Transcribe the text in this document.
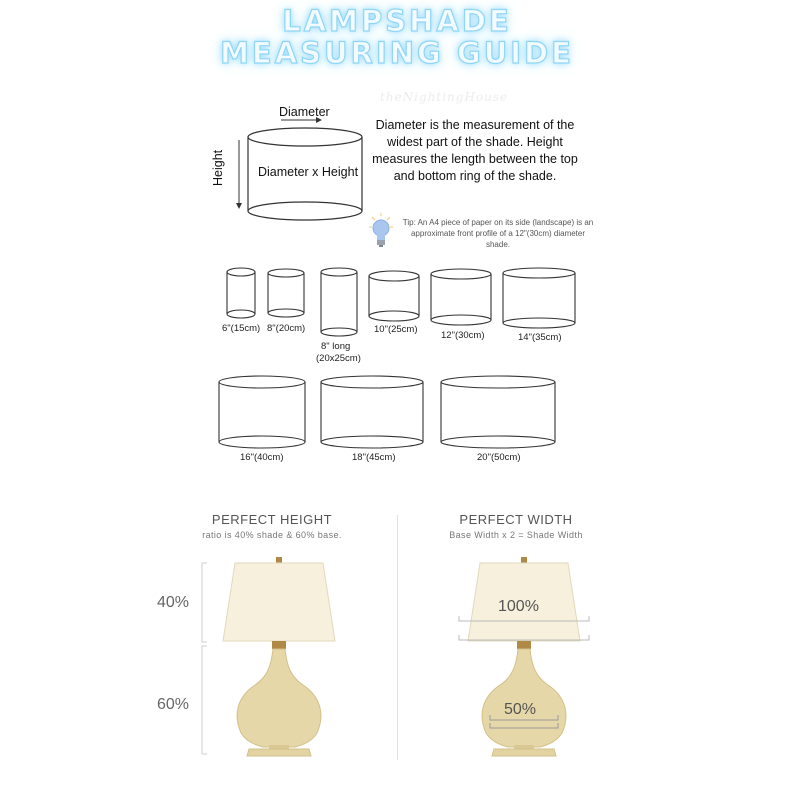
LAMPSHADE
MEASURING GUIDE
theNightingHouse
Diameter
Height	Diameter x Height
Diameter is the measurement of the widest part of the shade. Height measures the length between the top and bottom ring of the shade.
Tip: An A4 piece of paper on its side (landscape) is an approximate front profile of a 12"(30cm) diameter shade.
6"(15cm) 8"(20cm)
8" long
(20x25cm)
10"(25cm)
12"(30cm)	14"(35cm)
16"(40cm)	18"(45cm)	20"(50cm)
PERFECT HEIGHT
ratio is 40% shade & 60% base.
PERFECT WIDTH
Base Width x 2 = Shade Width
40%
60%
100%
50%
